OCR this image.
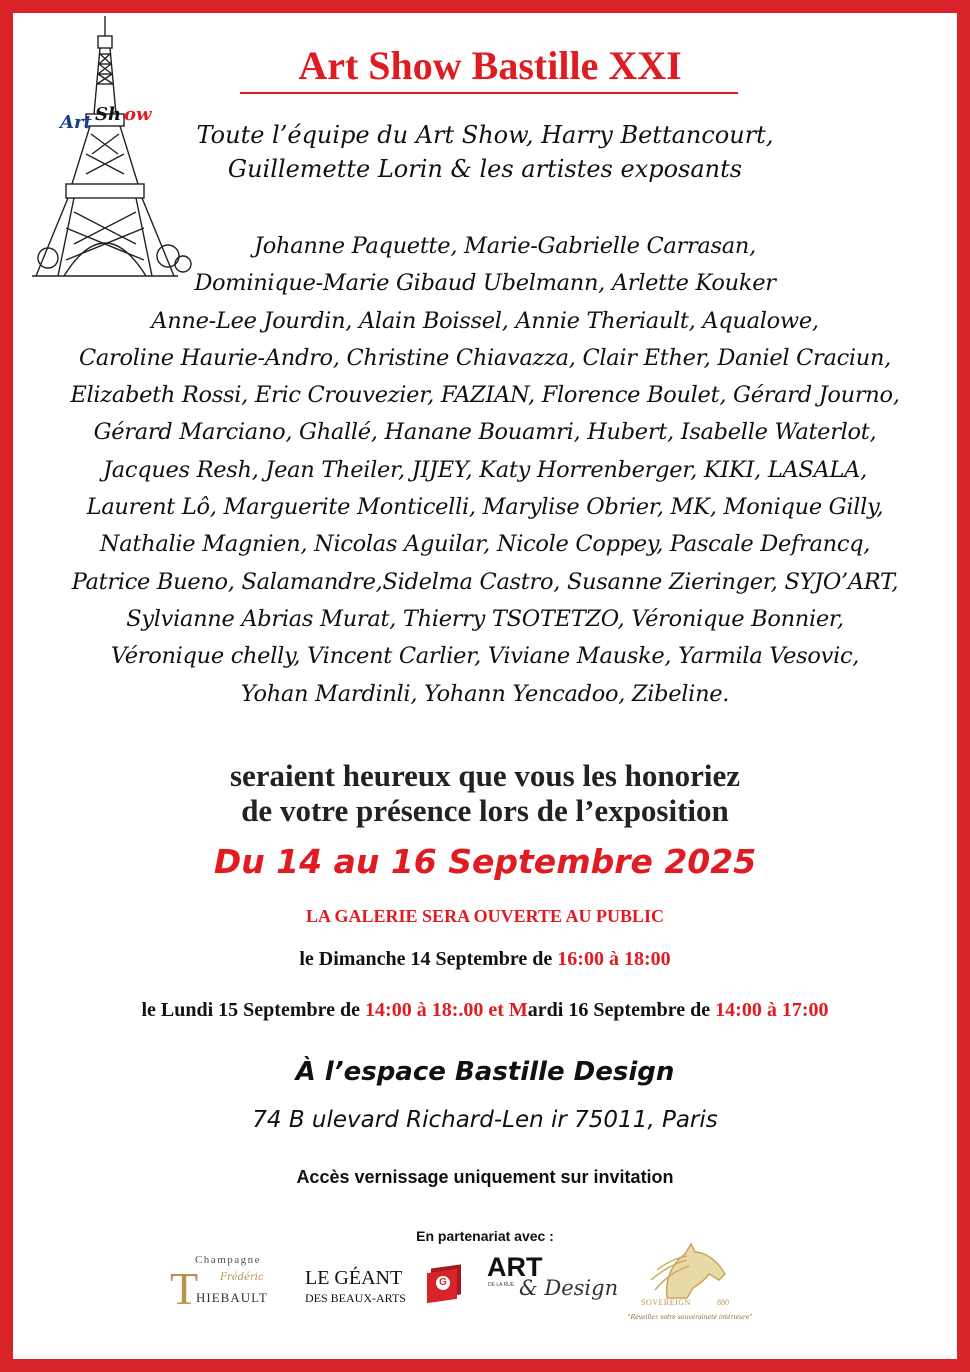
Art Sh ow
Art Show Bastille XXI
Toute l’équipe du Art Show, Harry Bettancourt,
Guillemette Lorin & les artistes exposants
Johanne Paquette, Marie-Gabrielle Carrasan,
Dominique-Marie Gibaud Ubelmann, Arlette Kouker
Anne-Lee Jourdin, Alain Boissel, Annie Theriault, Aqualowe,
Caroline Haurie-Andro, Christine Chiavazza, Clair Ether, Daniel Craciun,
Elizabeth Rossi, Eric Crouvezier, FAZIAN, Florence Boulet, Gérard Journo,
Gérard Marciano, Ghallé, Hanane Bouamri, Hubert, Isabelle Waterlot,
Jacques Resh, Jean Theiler, JIJEY, Katy Horrenberger, KIKI, LASALA,
Laurent Lô, Marguerite Monticelli, Marylise Obrier, MK, Monique Gilly,
Nathalie Magnien, Nicolas Aguilar, Nicole Coppey, Pascale Defrancq,
Patrice Bueno, Salamandre,Sidelma Castro, Susanne Zieringer, SYJO’ART,
Sylvianne Abrias Murat, Thierry TSOTETZO, Véronique Bonnier,
Véronique chelly, Vincent Carlier, Viviane Mauske, Yarmila Vesovic,
Yohan Mardinli, Yohann Yencadoo, Zibeline.
seraient heureux que vous les honoriez
de votre présence lors de l’exposition
Du 14 au 16 Septembre 2025
LA GALERIE SERA OUVERTE AU PUBLIC
le Dimanche 14 Septembre de 16:00 à 18:00
le Lundi 15 Septembre de 14:00 à 18:.00 et Mardi 16 Septembre de 14:00 à 17:00
À l’espace Bastille Design
74 B ulevard Richard-Len ir 75011, Paris
Accès vernissage uniquement sur invitation
En partenariat avec :
Champagne
T Frédéric
HIEBAULT
LE GÉANT
DES BEAUX-ARTS
G
ART
DE LA RUE & Design
SOVEREIGN	880
"Réveillez votre souveraineté intérieure"
